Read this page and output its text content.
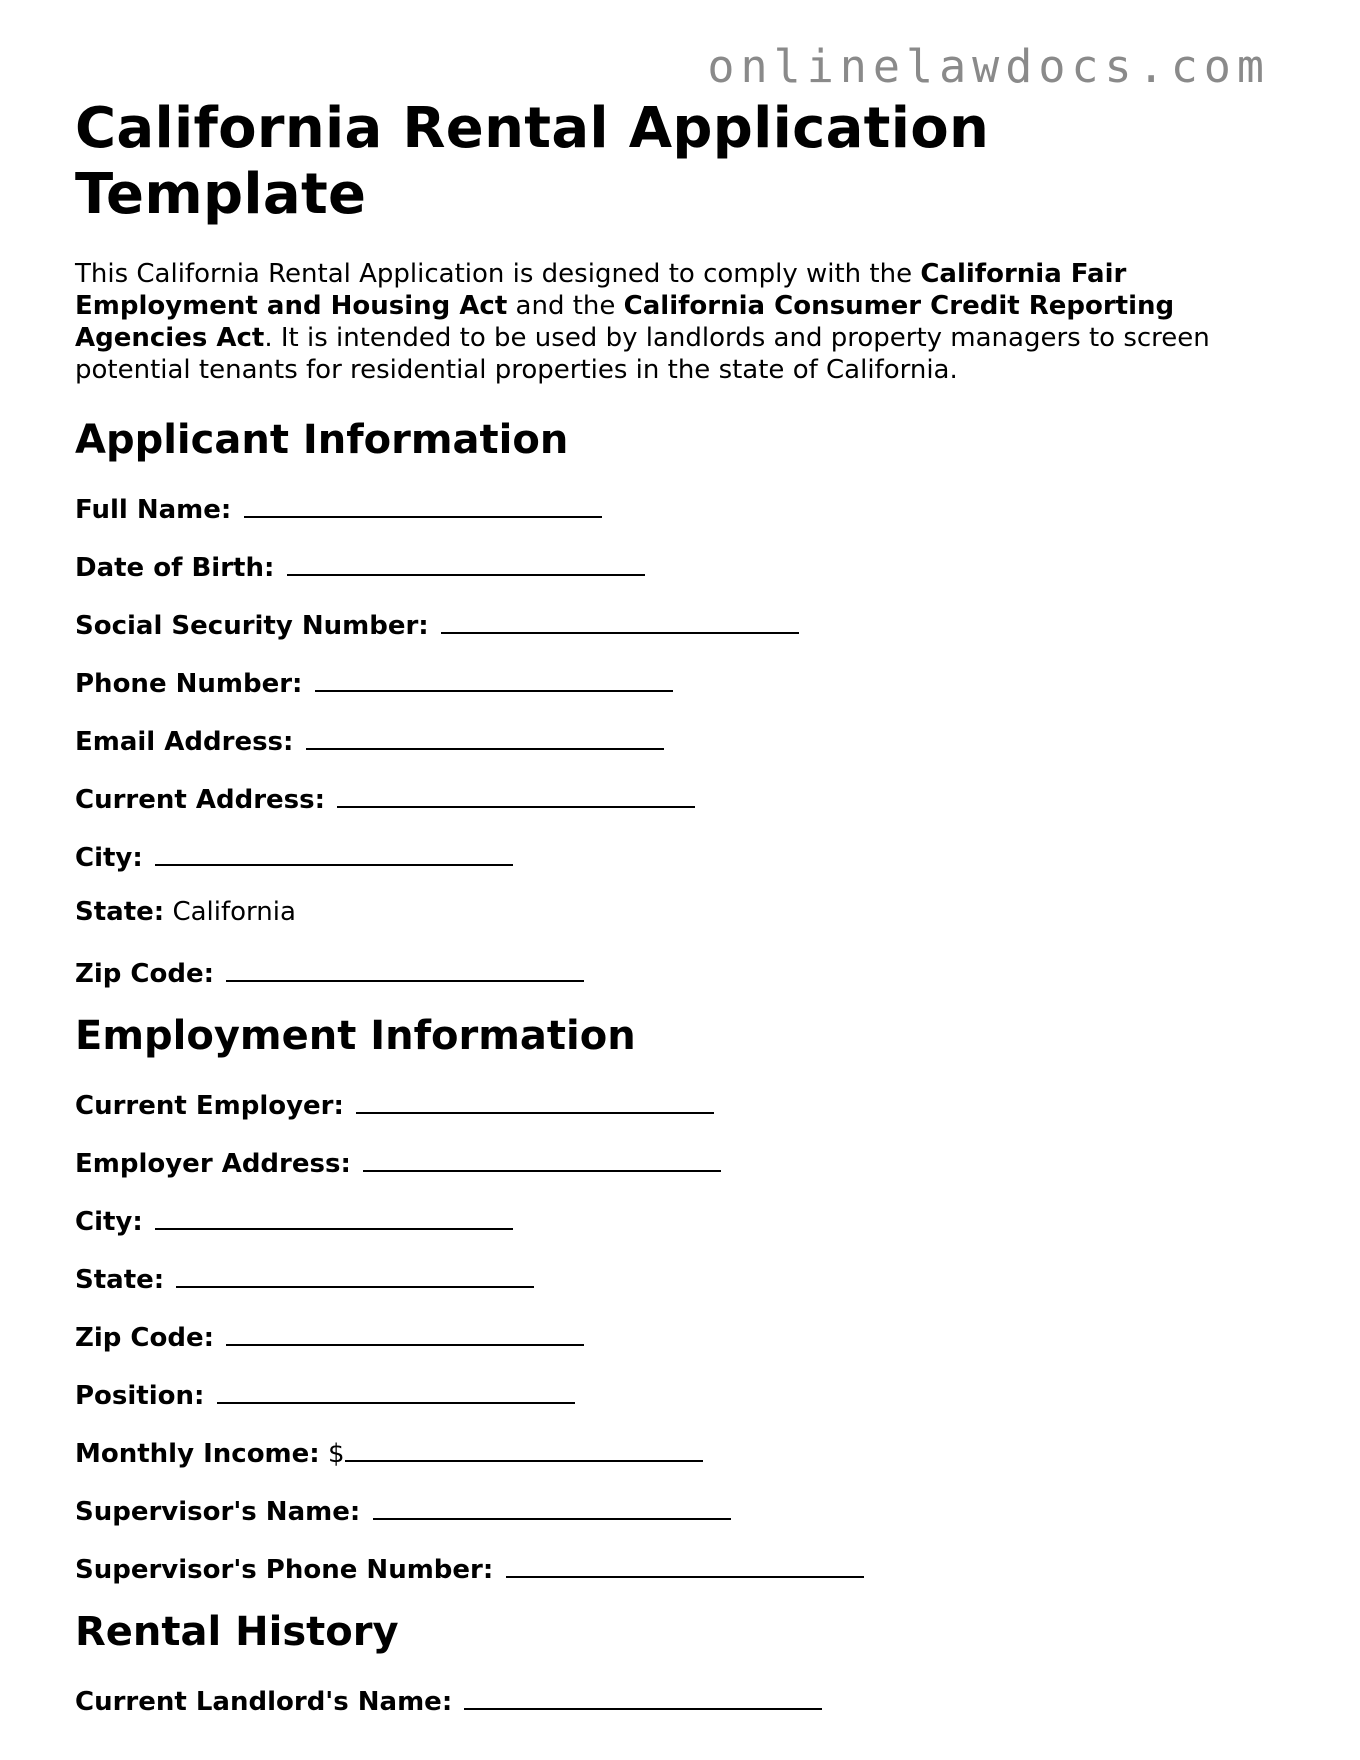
onlinelawdocs.com
California Rental Application Template

This California Rental Application is designed to comply with the California Fair Employment and Housing Act and the California Consumer Credit Reporting Agencies Act. It is intended to be used by landlords and property managers to screen potential tenants for residential properties in the state of California.

Applicant Information
Full Name:
Date of Birth:
Social Security Number:
Phone Number:
Email Address:
Current Address:
City:
State: California
Zip Code:
Employment Information
Current Employer:
Employer Address:
City:
State:
Zip Code:
Position:
Monthly Income: $
Supervisor's Name:
Supervisor's Phone Number:
Rental History
Current Landlord's Name:
